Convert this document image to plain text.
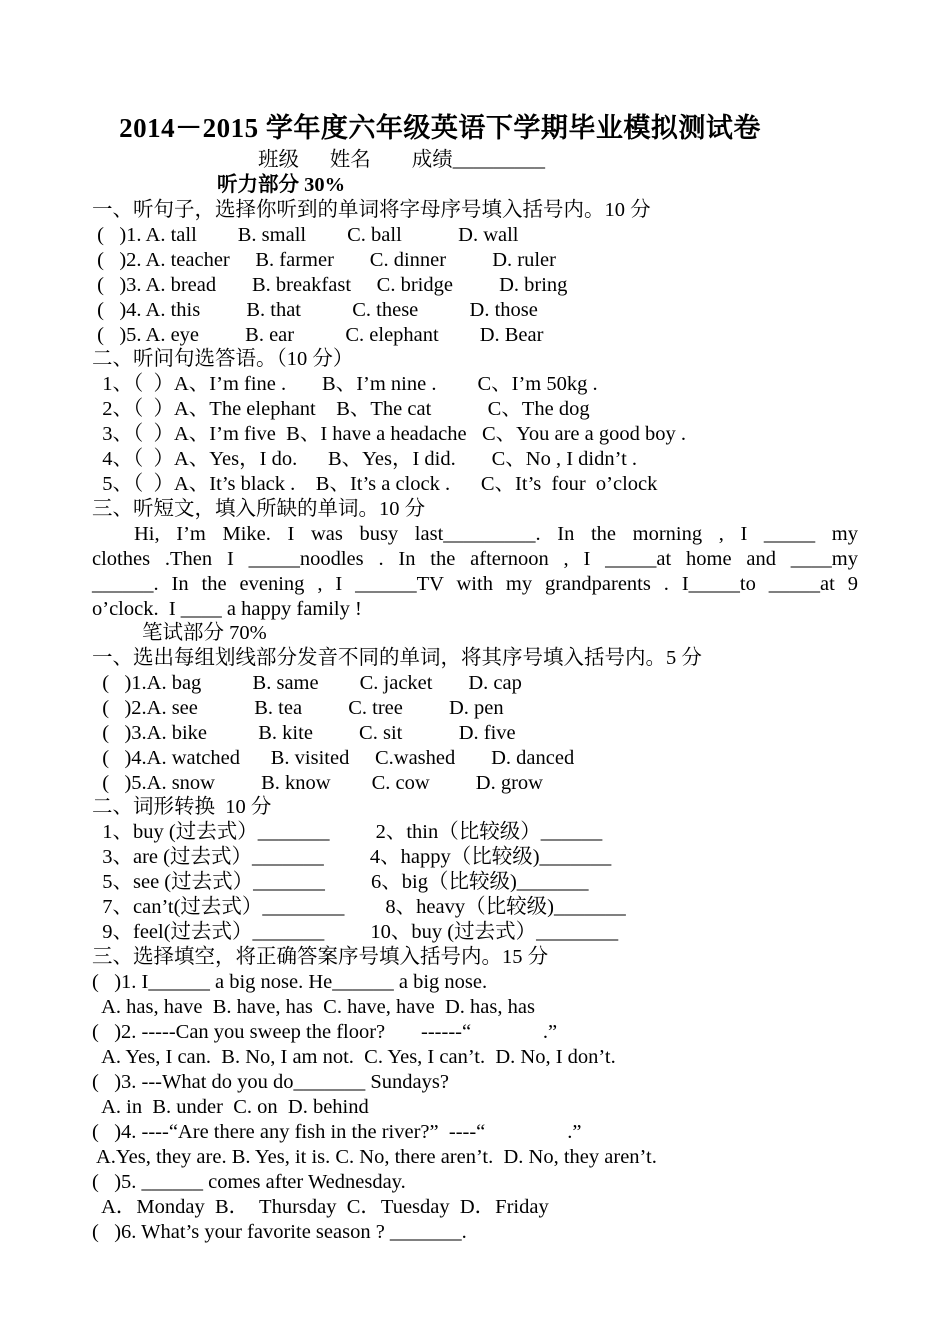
2014－2015 学年度六年级英语下学期毕业模拟测试卷
班级      姓名        成绩_________
听力部分 30%
一、听句子，选择你听到的单词将字母序号填入括号内。10 分
(   )1. A. tall        B. small        C. ball           D. wall
(   )2. A. teacher     B. farmer       C. dinner         D. ruler
(   )3. A. bread       B. breakfast     C. bridge         D. bring
(   )4. A. this         B. that          C. these          D. those
(   )5. A. eye         B. ear          C. elephant        D. Bear
二、听问句选答语。（10 分）
1、（  ）A、I’m fine .       B、I’m nine .        C、I’m 50kg .
2、（  ）A、The elephant    B、The cat           C、The dog
3、（  ）A、I’m five  B、I have a headache   C、You are a good boy .
4、（  ）A、Yes，I do.      B、Yes，I did.       C、No , I didn’t .
5、（  ）A、It’s black .    B、It’s a clock .      C、It’s  four  o’clock
三、听短文，填入所缺的单词。10 分
Hi, I’m Mike. I was busy last_________. In the morning , I _____ my
clothes .Then I _____noodles . In the afternoon , I _____at home and ____my
______. In the evening , I ______TV with my grandparents . I_____to _____at 9
o’clock.  I ____ a happy family !
笔试部分 70%
一、选出每组划线部分发音不同的单词，将其序号填入括号内。5 分
(   )1.A. bag          B. same        C. jacket       D. cap
(   )2.A. see           B. tea         C. tree         D. pen
(   )3.A. bike          B. kite         C. sit           D. five
(   )4.A. watched      B. visited     C.washed       D. danced
(   )5.A. snow         B. know        C. cow         D. grow
二、词形转换  10 分
1、buy (过去式）_______         2、thin（比较级）______
3、are (过去式）_______         4、happy（比较级)_______
5、see (过去式）_______         6、big（比较级)_______
7、can’t(过去式）________        8、heavy（比较级)_______
9、feel(过去式）_______         10、buy (过去式）________
三、选择填空，将正确答案序号填入括号内。15 分
(   )1. I______ a big nose. He______ a big nose.
A. has, have  B. have, has  C. have, have  D. has, has
(   )2. -----Can you sweep the floor?       ------“              .”
A. Yes, I can.  B. No, I am not.  C. Yes, I can’t.  D. No, I don’t.
(   )3. ---What do you do_______ Sundays?
A. in  B. under  C. on  D. behind
(   )4. ----“Are there any fish in the river?”  ----“                .”
A.Yes, they are. B. Yes, it is. C. No, there aren’t.  D. No, they aren’t.
(   )5. ______ comes after Wednesday.
A．Monday  B．  Thursday  C．Tuesday  D．Friday
(   )6. What’s your favorite season ? _______.
